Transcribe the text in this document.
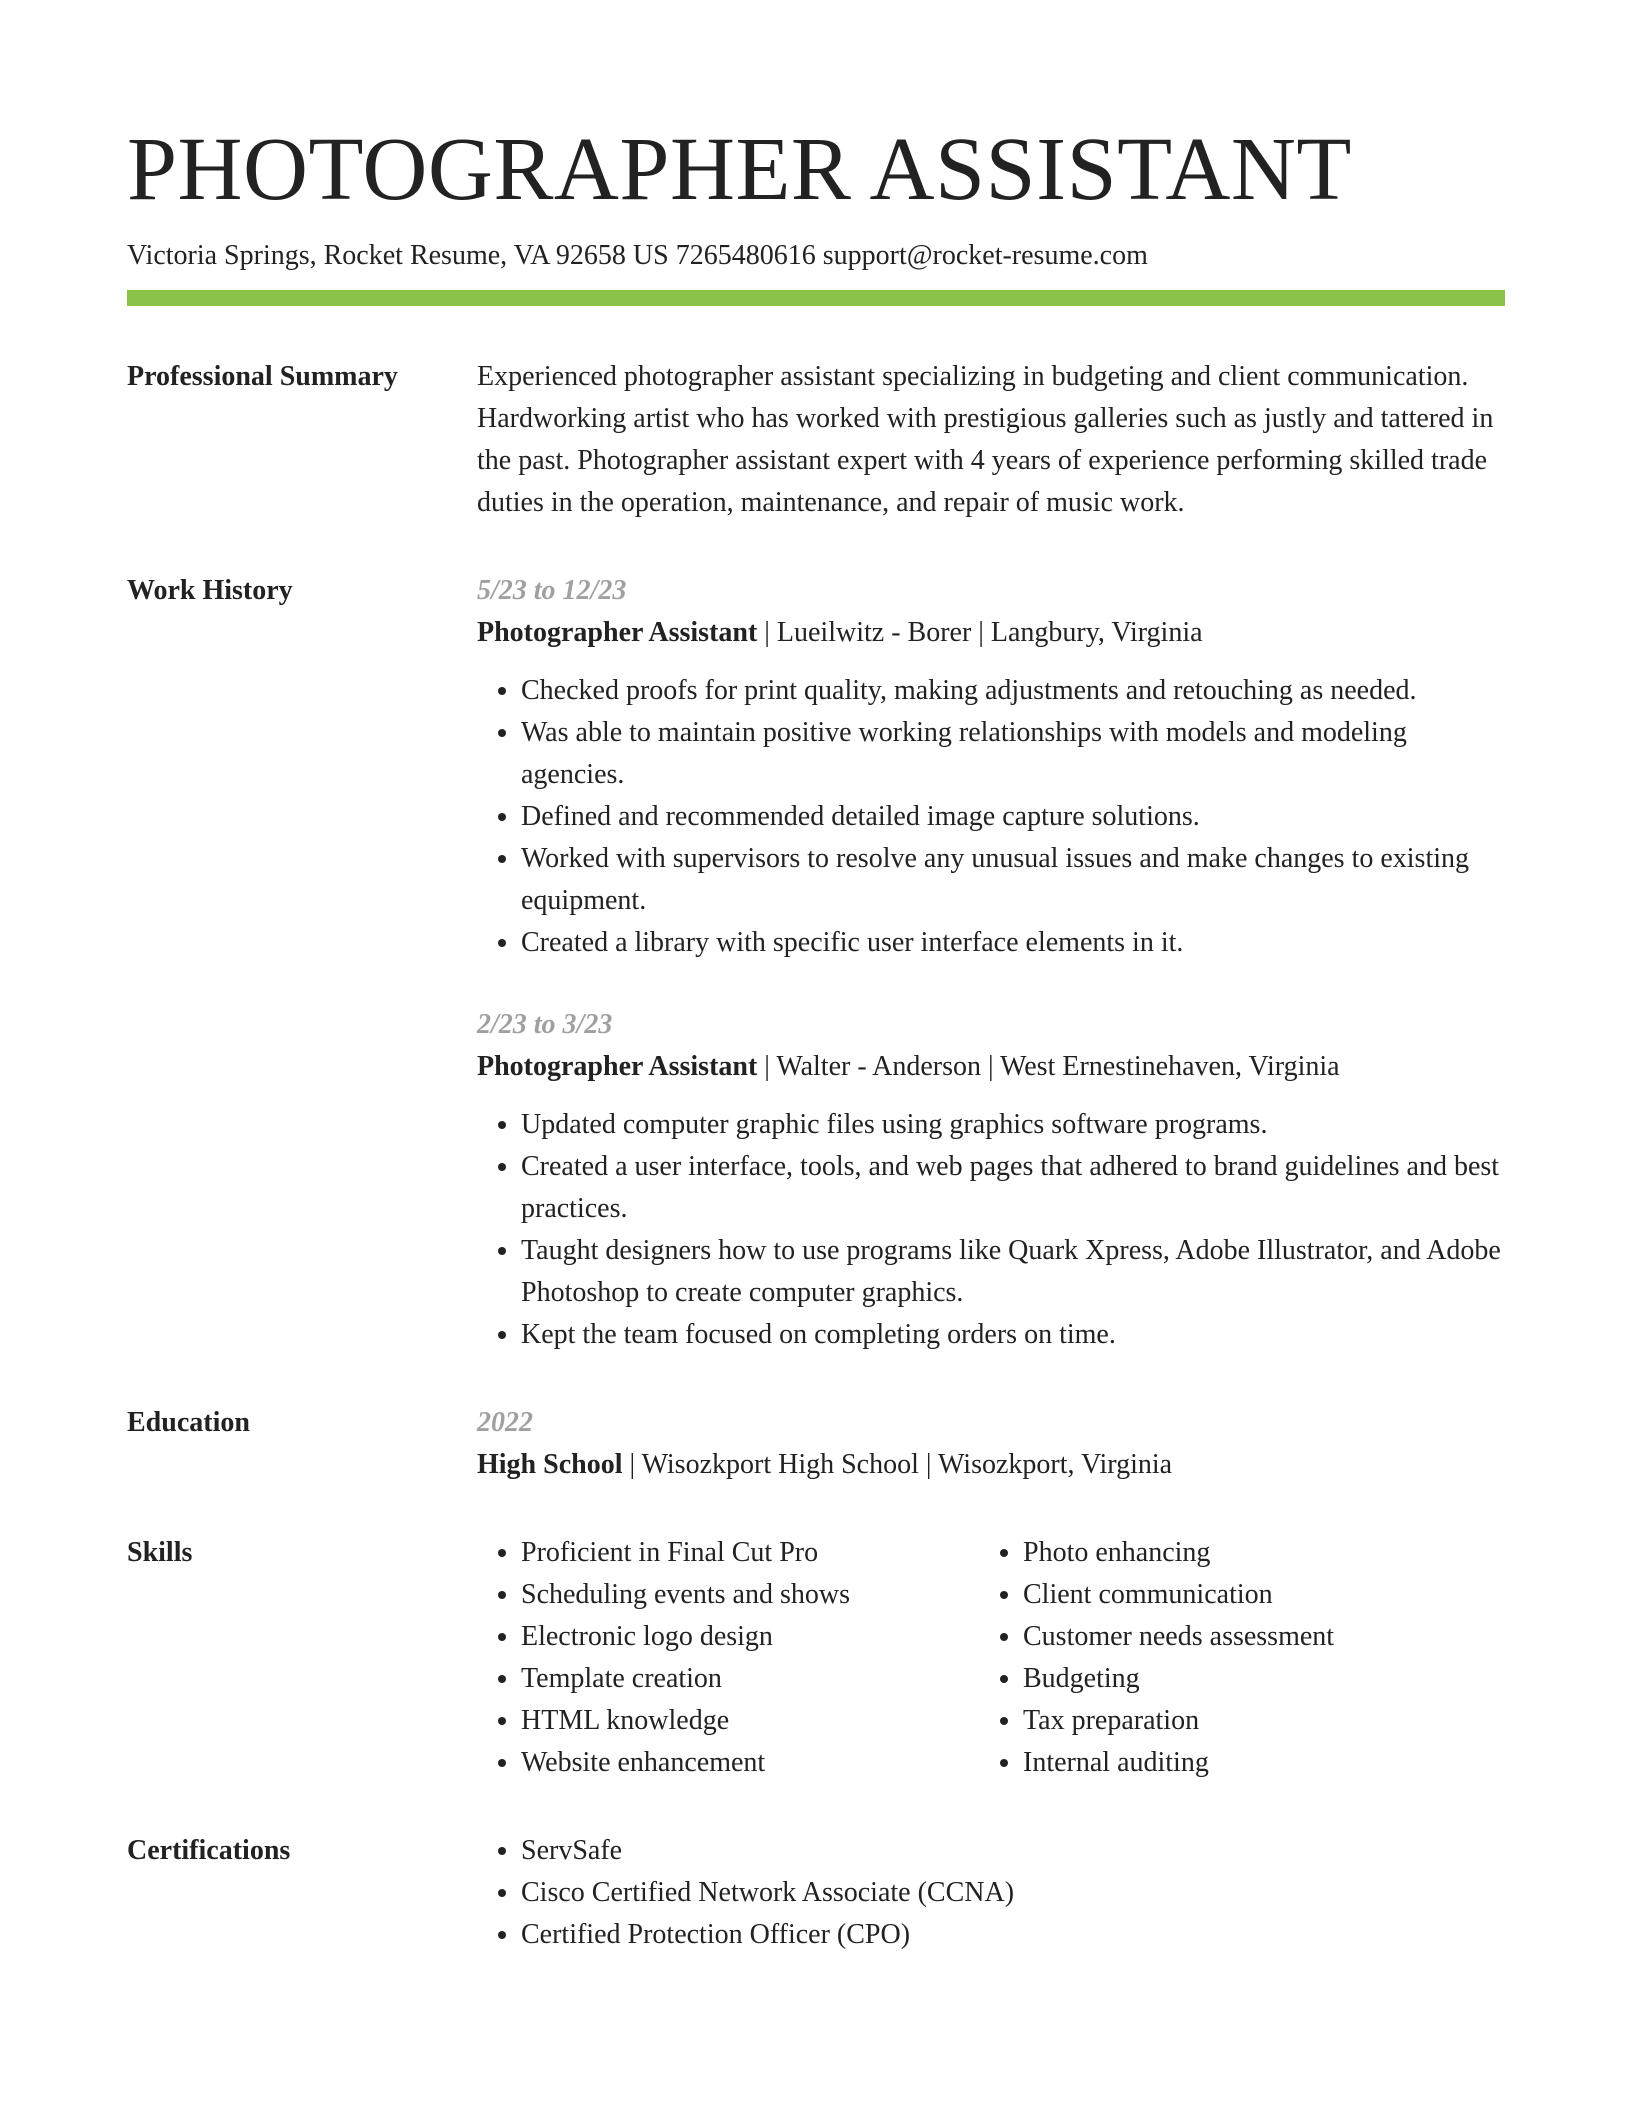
PHOTOGRAPHER ASSISTANT
Victoria Springs, Rocket Resume, VA 92658 US 7265480616 support@rocket-resume.com
Professional Summary	Experienced photographer assistant specializing in budgeting and client communication. Hardworking artist who has worked with prestigious galleries such as justly and tattered in the past. Photographer assistant expert with 4 years of experience performing skilled trade duties in the operation, maintenance, and repair of music work.

Work History	5/23 to 12/23
Photographer Assistant | Lueilwitz - Borer | Langbury, Virginia
• Checked proofs for print quality, making adjustments and retouching as needed.
• Was able to maintain positive working relationships with models and modeling agencies.
• Defined and recommended detailed image capture solutions.
• Worked with supervisors to resolve any unusual issues and make changes to existing equipment.
• Created a library with specific user interface elements in it.
2/23 to 3/23
Photographer Assistant | Walter - Anderson | West Ernestinehaven, Virginia
• Updated computer graphic files using graphics software programs.
• Created a user interface, tools, and web pages that adhered to brand guidelines and best practices.
• Taught designers how to use programs like Quark Xpress, Adobe Illustrator, and Adobe Photoshop to create computer graphics.
• Kept the team focused on completing orders on time.
Education	2022
High School | Wisozkport High School | Wisozkport, Virginia
Skills	• Proficient in Final Cut Pro
• Scheduling events and shows
• Electronic logo design
• Template creation
• HTML knowledge
• Website enhancement
• Photo enhancing
• Client communication
• Customer needs assessment
• Budgeting
• Tax preparation
• Internal auditing
Certifications	• ServSafe
• Cisco Certified Network Associate (CCNA)
• Certified Protection Officer (CPO)
